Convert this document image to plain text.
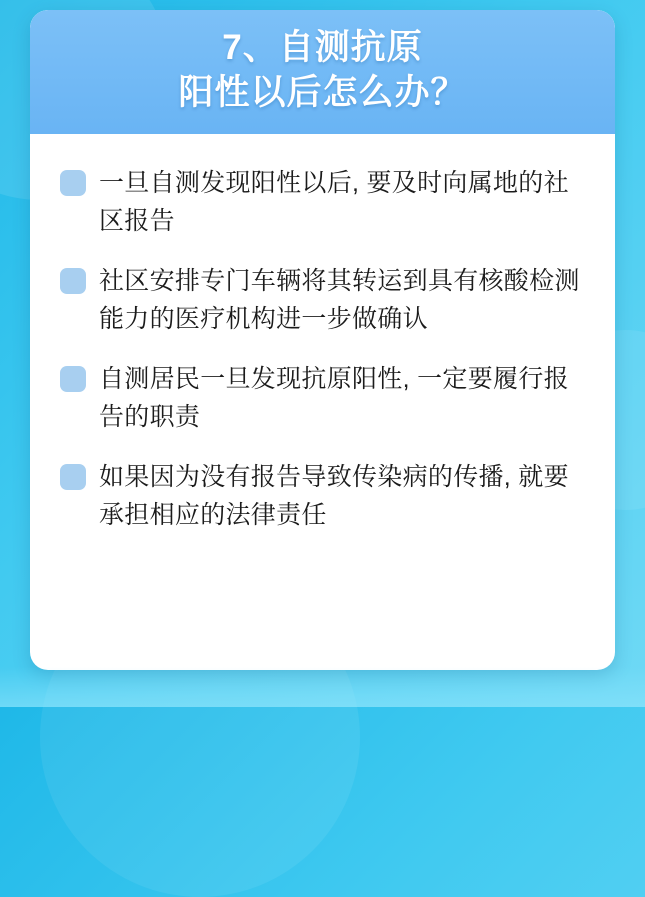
7、自测抗原
阳性以后怎么办？
一旦自测发现阳性以后, 要及时向属地的社区报告
社区安排专门车辆将其转运到具有核酸检测能力的医疗机构进一步做确认
自测居民一旦发现抗原阳性, 一定要履行报告的职责
如果因为没有报告导致传染病的传播, 就要承担相应的法律责任
